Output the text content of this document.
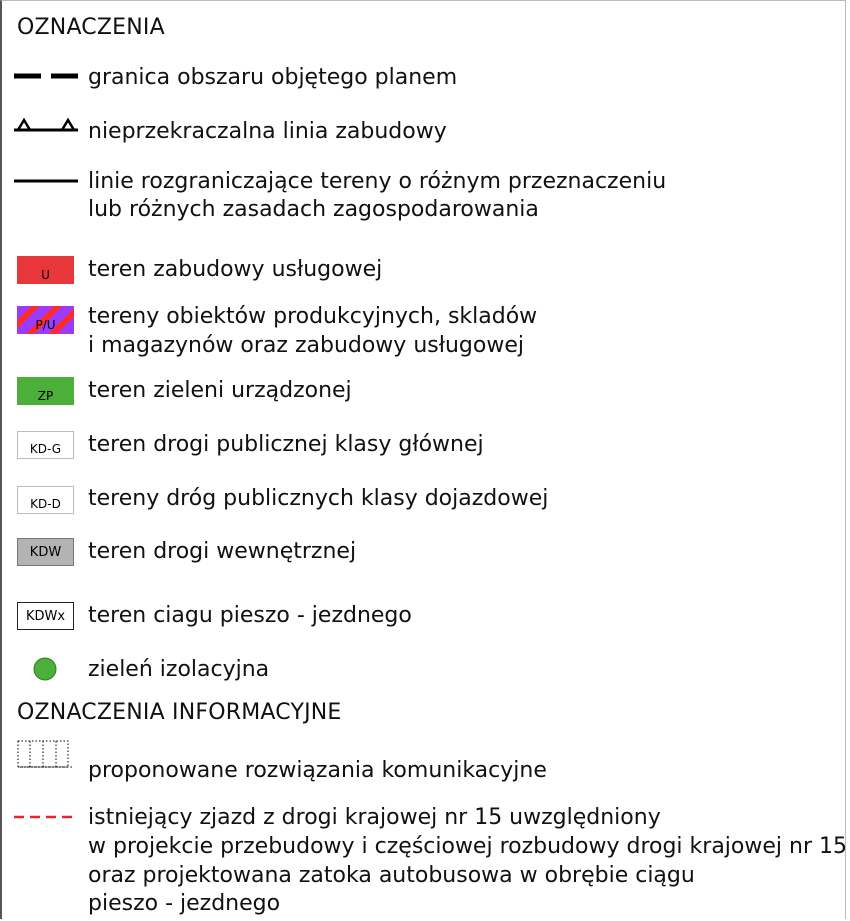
OZNACZENIA
granica obszaru objętego planem
nieprzekraczalna linia zabudowy
linie rozgraniczające tereny o różnym przeznaczeniu
lub różnych zasadach zagospodarowania
U	teren zabudowy usługowej
P/U	tereny obiektów produkcyjnych, skladów
i magazynów oraz zabudowy usługowej
ZP	teren zieleni urządzonej
KD-G	teren drogi publicznej klasy głównej
KD-D	tereny dróg publicznych klasy dojazdowej
KDW	teren drogi wewnętrznej
KDWx	teren ciagu pieszo - jezdnego
zieleń izolacyjna
OZNACZENIA INFORMACYJNE
proponowane rozwiązania komunikacyjne
istniejący zjazd z drogi krajowej nr 15 uwzględniony
w projekcie przebudowy i częściowej rozbudowy drogi krajowej nr 15
oraz projektowana zatoka autobusowa w obrębie ciągu
pieszo - jezdnego
